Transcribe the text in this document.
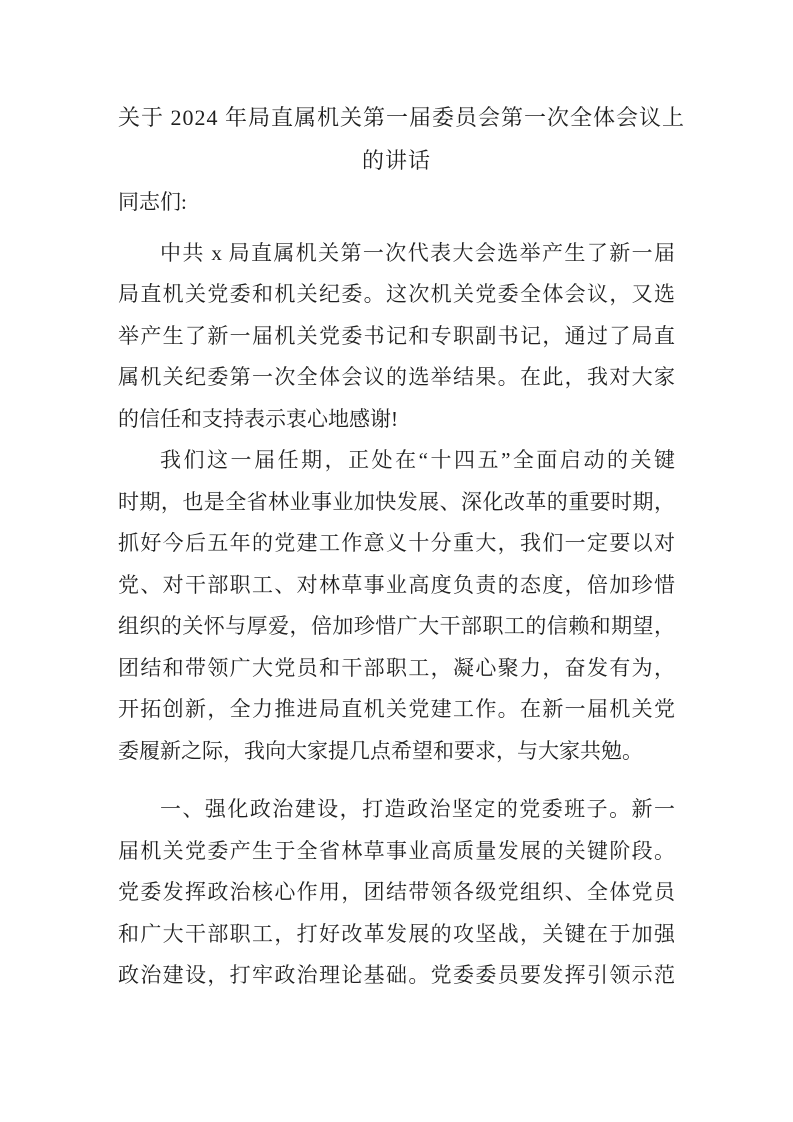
关于 2024 年局直属机关第一届委员会第一次全体会议上
的讲话
同志们:
中共 x 局直属机关第一次代表大会选举产生了新一届
局直机关党委和机关纪委。这次机关党委全体会议，又选
举产生了新一届机关党委书记和专职副书记，通过了局直
属机关纪委第一次全体会议的选举结果。在此，我对大家
的信任和支持表示衷心地感谢!
我们这一届任期，正处在“十四五”全面启动的关键
时期，也是全省林业事业加快发展、深化改革的重要时期，
抓好今后五年的党建工作意义十分重大，我们一定要以对
党、对干部职工、对林草事业高度负责的态度，倍加珍惜
组织的关怀与厚爱，倍加珍惜广大干部职工的信赖和期望，
团结和带领广大党员和干部职工，凝心聚力，奋发有为，
开拓创新，全力推进局直机关党建工作。在新一届机关党
委履新之际，我向大家提几点希望和要求，与大家共勉。
一、强化政治建设，打造政治坚定的党委班子。新一
届机关党委产生于全省林草事业高质量发展的关键阶段。
党委发挥政治核心作用，团结带领各级党组织、全体党员
和广大干部职工，打好改革发展的攻坚战，关键在于加强
政治建设，打牢政治理论基础。党委委员要发挥引领示范
